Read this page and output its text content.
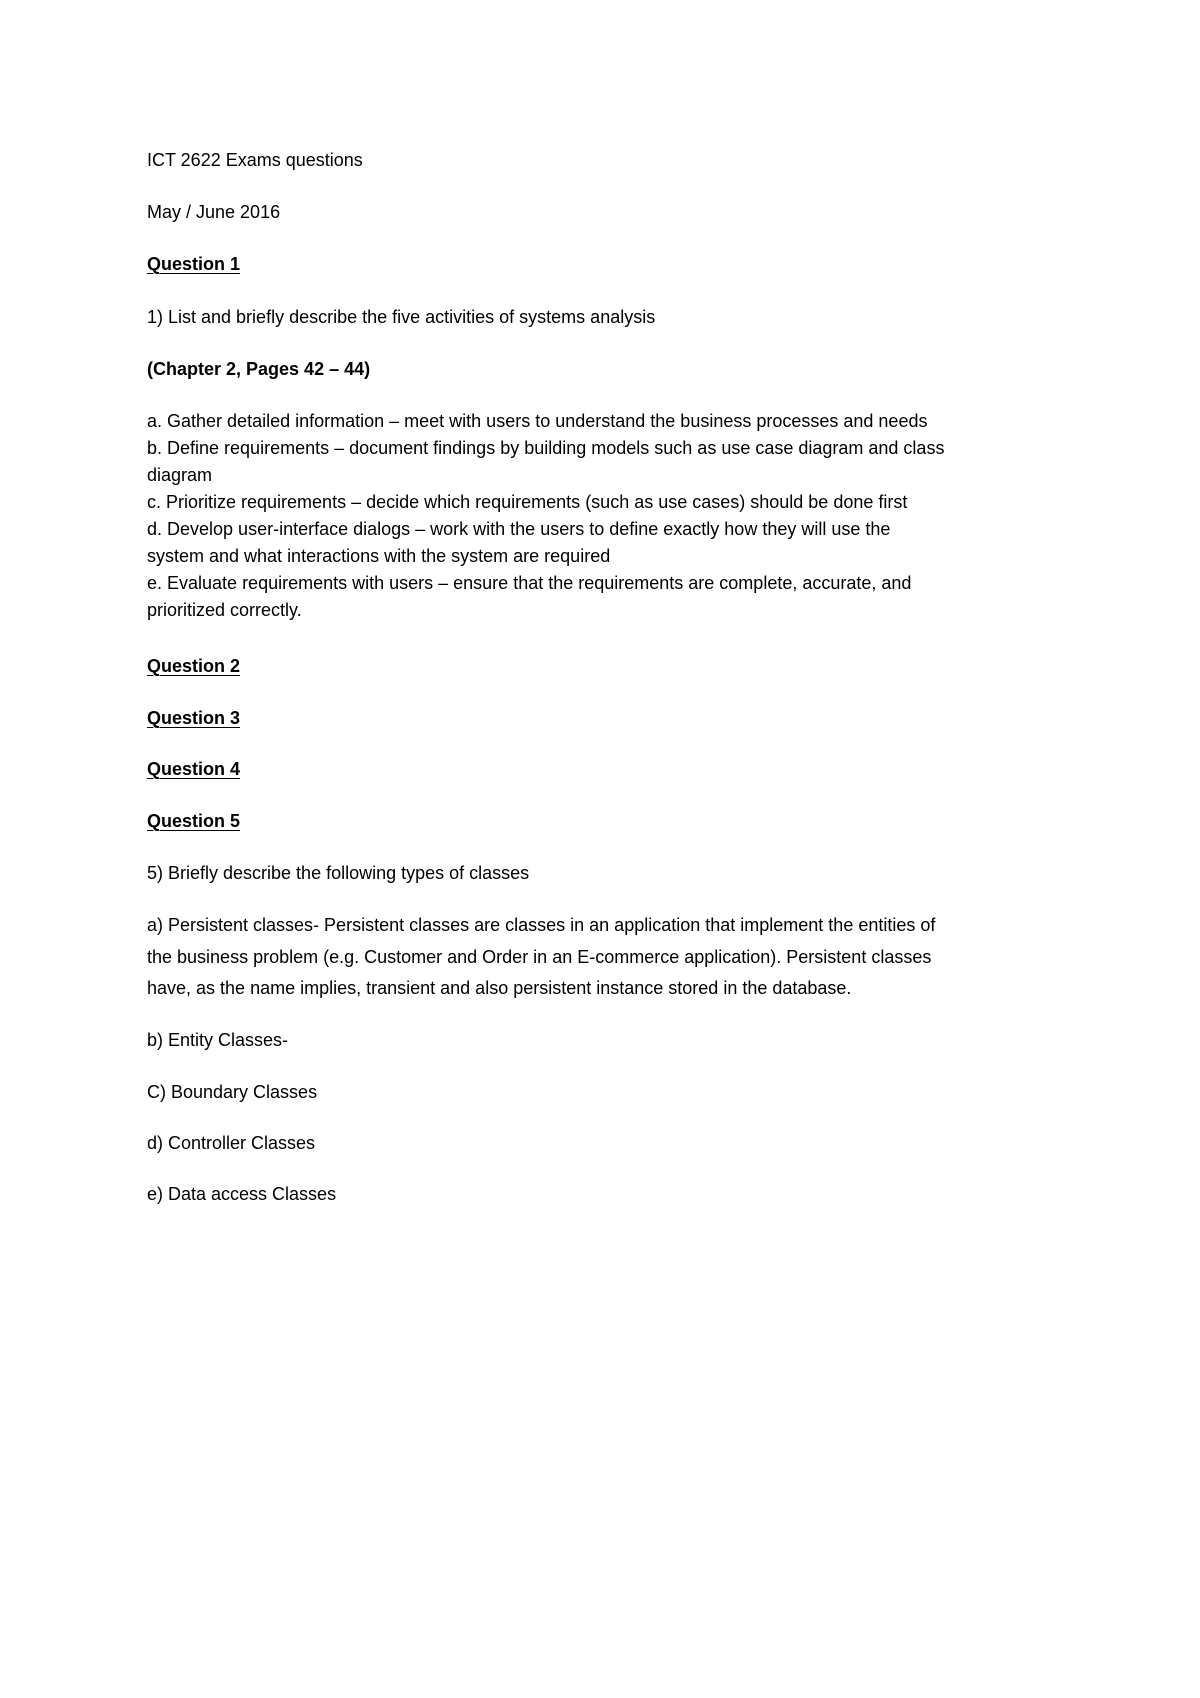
ICT 2622 Exams questions
May / June 2016
Question 1
1) List and briefly describe the five activities of systems analysis
(Chapter 2, Pages 42 – 44)
a. Gather detailed information – meet with users to understand the business processes and needs
b. Define requirements – document findings by building models such as use case diagram and class
diagram
c. Prioritize requirements – decide which requirements (such as use cases) should be done first
d. Develop user-interface dialogs – work with the users to define exactly how they will use the
system and what interactions with the system are required
e. Evaluate requirements with users – ensure that the requirements are complete, accurate, and
prioritized correctly.
Question 2
Question 3
Question 4
Question 5
5) Briefly describe the following types of classes
a) Persistent classes- Persistent classes are classes in an application that implement the entities of
the business problem (e.g. Customer and Order in an E-commerce application). Persistent classes
have, as the name implies, transient and also persistent instance stored in the database.
b) Entity Classes-
C) Boundary Classes
d) Controller Classes
e) Data access Classes
